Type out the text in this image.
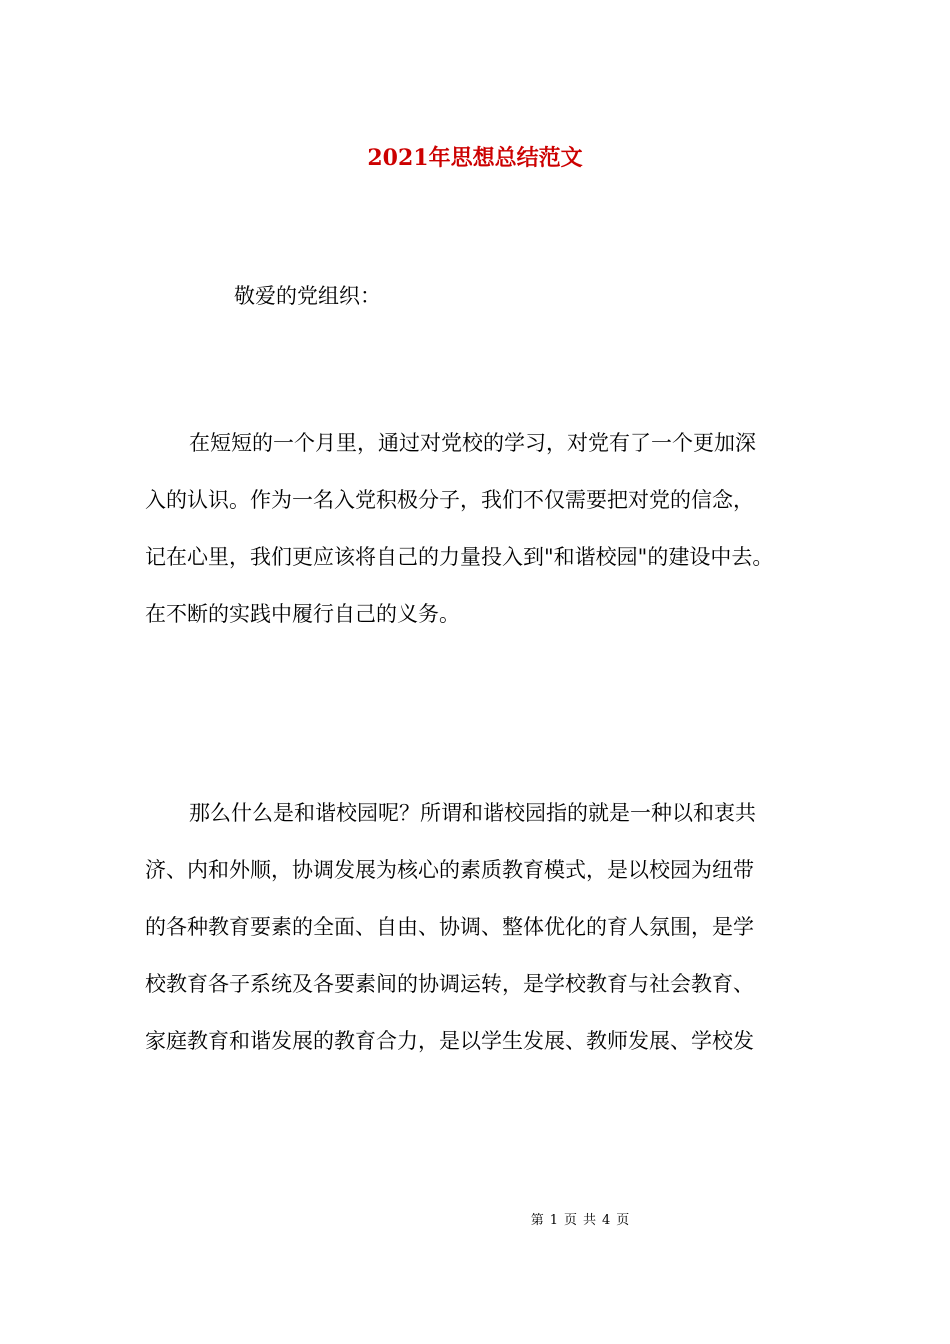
2021年思想总结范文
敬爱的党组织：
在短短的一个月里，通过对党校的学习，对党有了一个更加深
入的认识。作为一名入党积极分子，我们不仅需要把对党的信念，
记在心里，我们更应该将自己的力量投入到"和谐校园"的建设中去。
在不断的实践中履行自己的义务。
那么什么是和谐校园呢？所谓和谐校园指的就是一种以和衷共
济、内和外顺，协调发展为核心的素质教育模式，是以校园为纽带
的各种教育要素的全面、自由、协调、整体优化的育人氛围，是学
校教育各子系统及各要素间的协调运转，是学校教育与社会教育、
家庭教育和谐发展的教育合力，是以学生发展、教师发展、学校发
第 1 页 共 4 页
